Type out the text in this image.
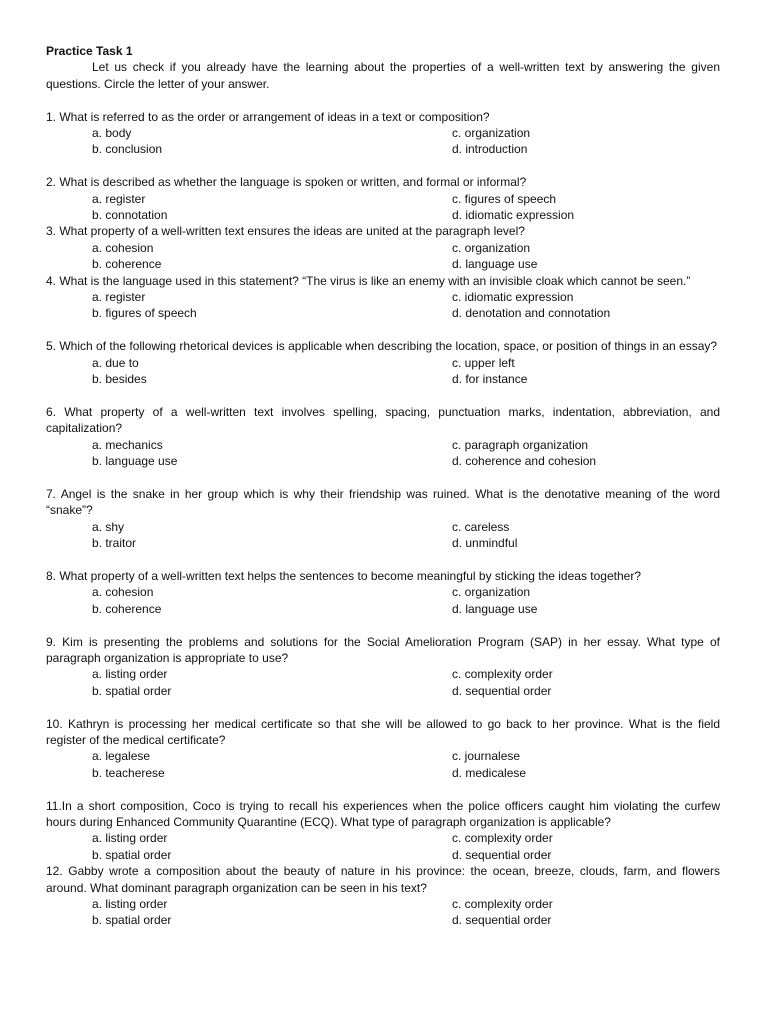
Practice Task 1
Let us check if you already have the learning about the properties of a well-written text by answering the given questions. Circle the letter of your answer.
1. What is referred to as the order or arrangement of ideas in a text or composition?
a. body	c. organization
b. conclusion	d. introduction
2. What is described as whether the language is spoken or written, and formal or informal?
a. register	c. figures of speech
b. connotation	d. idiomatic expression
3. What property of a well-written text ensures the ideas are united at the paragraph level?
a. cohesion	c. organization
b. coherence	d. language use
4. What is the language used in this statement? “The virus is like an enemy with an invisible cloak which cannot be seen.”
a. register	c. idiomatic expression
b. figures of speech	d. denotation and connotation
5. Which of the following rhetorical devices is applicable when describing the location, space, or position of things in an essay?
a. due to	c. upper left
b. besides	d. for instance
6. What property of a well-written text involves spelling, spacing, punctuation marks, indentation, abbreviation, and capitalization?
a. mechanics	c. paragraph organization
b. language use	d. coherence and cohesion
7. Angel is the snake in her group which is why their friendship was ruined. What is the denotative meaning of the word “snake”?
a. shy	c. careless
b. traitor	d. unmindful
8. What property of a well-written text helps the sentences to become meaningful by sticking the ideas together?
a. cohesion	c. organization
b. coherence	d. language use
9. Kim is presenting the problems and solutions for the Social Amelioration Program (SAP) in her essay. What type of paragraph organization is appropriate to use?
a. listing order	c. complexity order
b. spatial order	d. sequential order
10. Kathryn is processing her medical certificate so that she will be allowed to go back to her province. What is the field register of the medical certificate?
a. legalese	c. journalese
b. teacherese	d. medicalese
11.In a short composition, Coco is trying to recall his experiences when the police officers caught him violating the curfew hours during Enhanced Community Quarantine (ECQ). What type of paragraph organization is applicable?
a. listing order	c. complexity order
b. spatial order	d. sequential order
12. Gabby wrote a composition about the beauty of nature in his province: the ocean, breeze, clouds, farm, and flowers around. What dominant paragraph organization can be seen in his text?
a. listing order	c. complexity order
b. spatial order	d. sequential order
